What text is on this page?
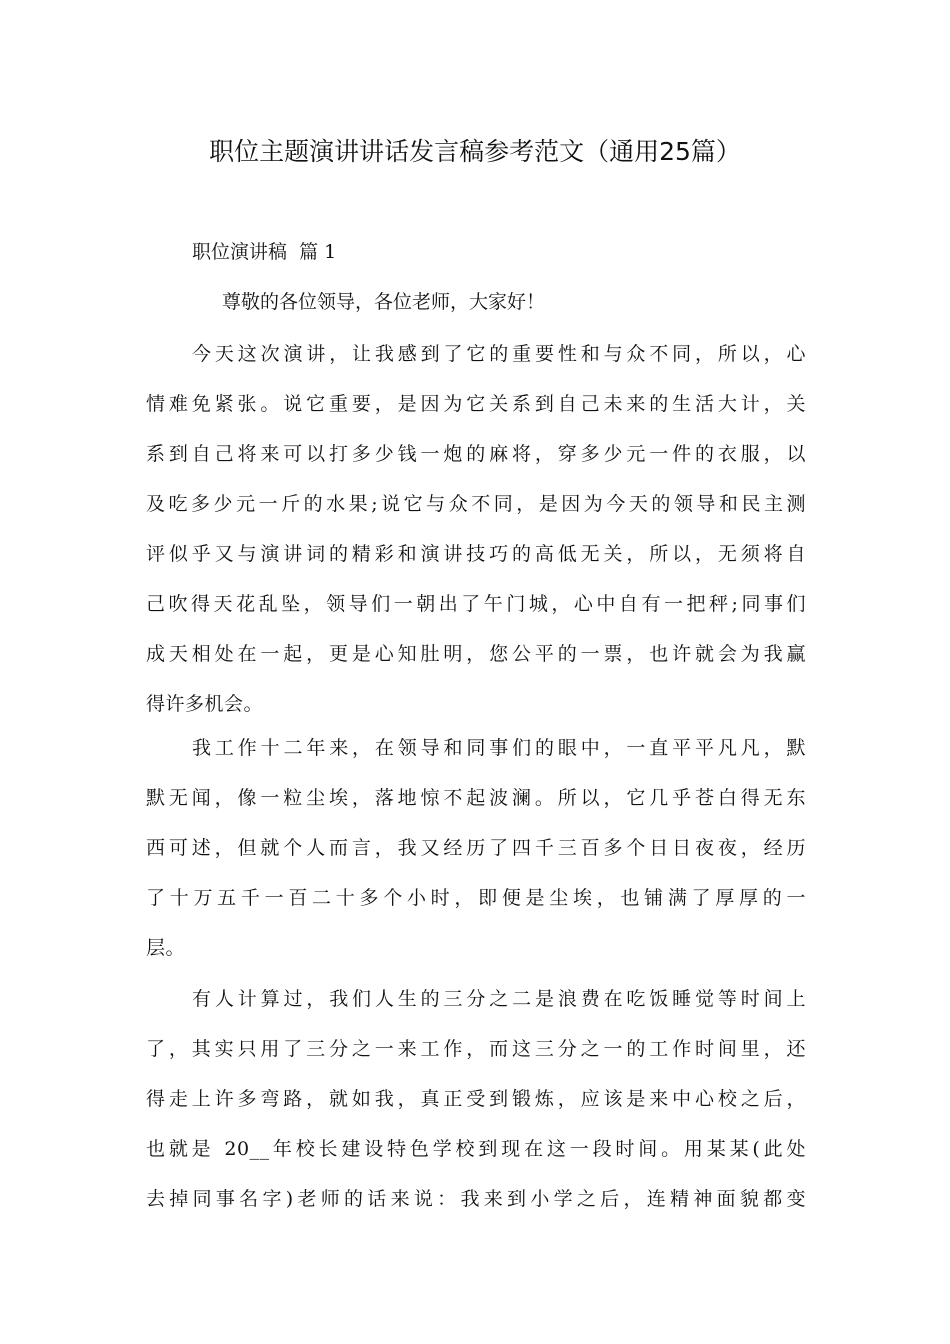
职位主题演讲讲话发言稿参考范文（通用25篇）
职位演讲稿  篇 1
尊敬的各位领导，各位老师，大家好！
今天这次演讲，让我感到了它的重要性和与众不同，所以，心
情难免紧张。说它重要，是因为它关系到自己未来的生活大计，关
系到自己将来可以打多少钱一炮的麻将，穿多少元一件的衣服，以
及吃多少元一斤的水果;说它与众不同，是因为今天的领导和民主测
评似乎又与演讲词的精彩和演讲技巧的高低无关，所以，无须将自
己吹得天花乱坠，领导们一朝出了午门城，心中自有一把秤;同事们
成天相处在一起，更是心知肚明，您公平的一票，也许就会为我赢
得许多机会。
我工作十二年来，在领导和同事们的眼中，一直平平凡凡，默
默无闻，像一粒尘埃，落地惊不起波澜。所以，它几乎苍白得无东
西可述，但就个人而言，我又经历了四千三百多个日日夜夜，经历
了十万五千一百二十多个小时，即便是尘埃，也铺满了厚厚的一
层。
有人计算过，我们人生的三分之二是浪费在吃饭睡觉等时间上
了，其实只用了三分之一来工作，而这三分之一的工作时间里，还
得走上许多弯路，就如我，真正受到锻炼，应该是来中心校之后，
也就是 20__年校长建设特色学校到现在这一段时间。用某某(此处
去掉同事名字)老师的话来说：我来到小学之后，连精神面貌都变
